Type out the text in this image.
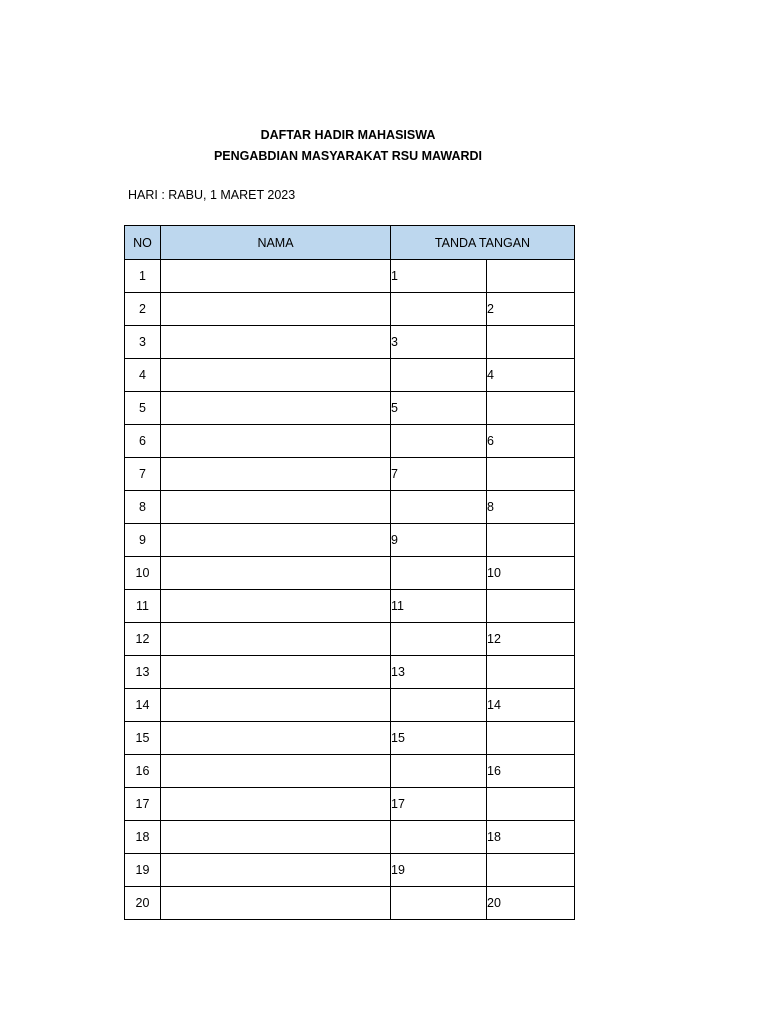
DAFTAR HADIR MAHASISWA
PENGABDIAN MASYARAKAT RSU MAWARDI
HARI : RABU, 1 MARET 2023
NO	NAMA	TANDA TANGAN	
1		1	
2			2
3		3	
4			4
5		5	
6			6
7		7	
8			8
9		9	
10			10
11		11	
12			12
13		13	
14			14
15		15	
16			16
17		17	
18			18
19		19	
20			20
